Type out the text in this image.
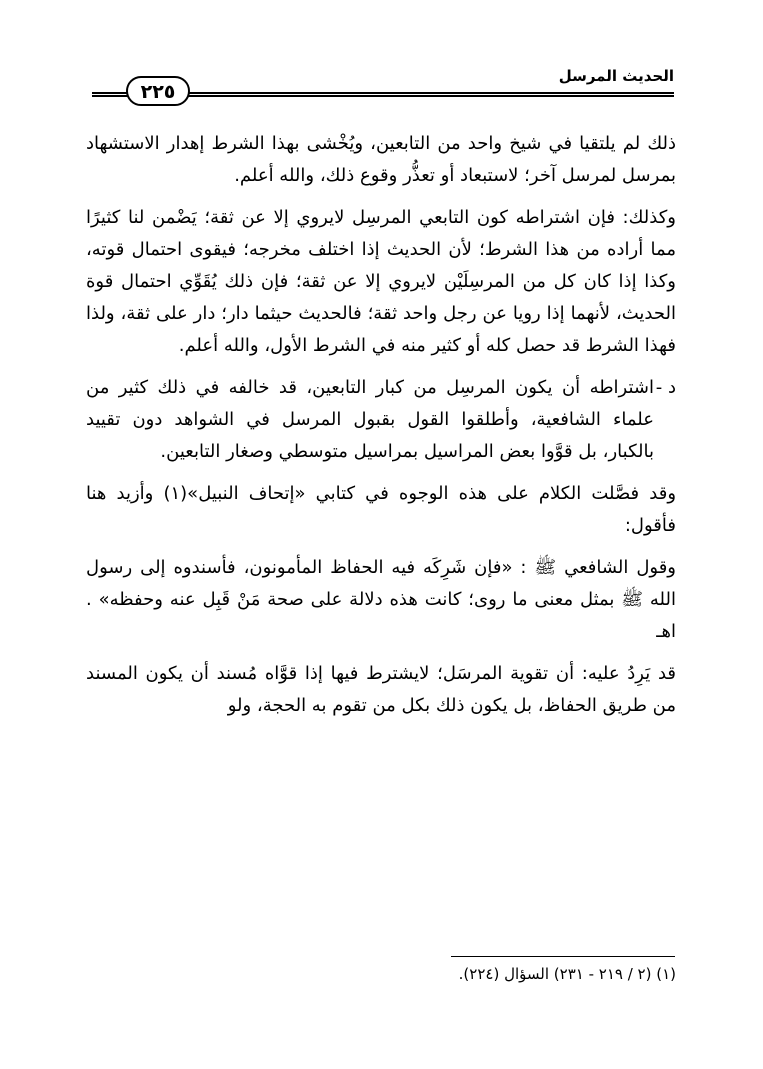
٢٢٥
الحديث المرسل

ذلك لم يلتقيا في شيخ واحد من التابعين، ويُخْشى بهذا الشرط إهدار الاستشهاد بمرسل لمرسل آخر؛ لاستبعاد أو تعذُّر وقوع ذلك، والله أعلم.

وكذلك: فإن اشتراطه كون التابعي المرسِل لايروي إلا عن ثقة؛ يَضْمن لنا كثيرًا مما أراده من هذا الشرط؛ لأن الحديث إذا اختلف مخرجه؛ فيقوى احتمال قوته، وكذا إذا كان كل من المرسِلَيْن لايروي إلا عن ثقة؛ فإن ذلك يُقَوِّي احتمال قوة الحديث، لأنهما إذا رويا عن رجل واحد ثقة؛ فالحديث حيثما دار؛ دار على ثقة، ولذا فهذا الشرط قد حصل كله أو كثير منه في الشرط الأول، والله أعلم.

د -
اشتراطه أن يكون المرسِل من كبار التابعين، قد خالفه في ذلك كثير من علماء الشافعية، وأطلقوا القول بقبول المرسل في الشواهد دون تقييد بالكبار، بل قوَّوا بعض المراسيل بمراسيل متوسطي وصغار التابعين.

وقد فصَّلت الكلام على هذه الوجوه في كتابي «إتحاف النبيل»(١) وأزيد هنا فأقول:

وقول الشافعي ﷺ : «فإن شَرِكَه فيه الحفاظ المأمونون، فأسندوه إلى رسول الله ﷺ بمثل معنى ما روى؛ كانت هذه دلالة على صحة مَنْ قَبِل عنه وحفظه» . اهـ

قد يَرِدُ عليه: أن تقوية المرسَل؛ لايشترط فيها إذا قوَّاه مُسند أن يكون المسند من طريق الحفاظ، بل يكون ذلك بكل من تقوم به الحجة، ولو

(١) (٢ / ٢١٩ - ٢٣١) السؤال (٢٢٤).
